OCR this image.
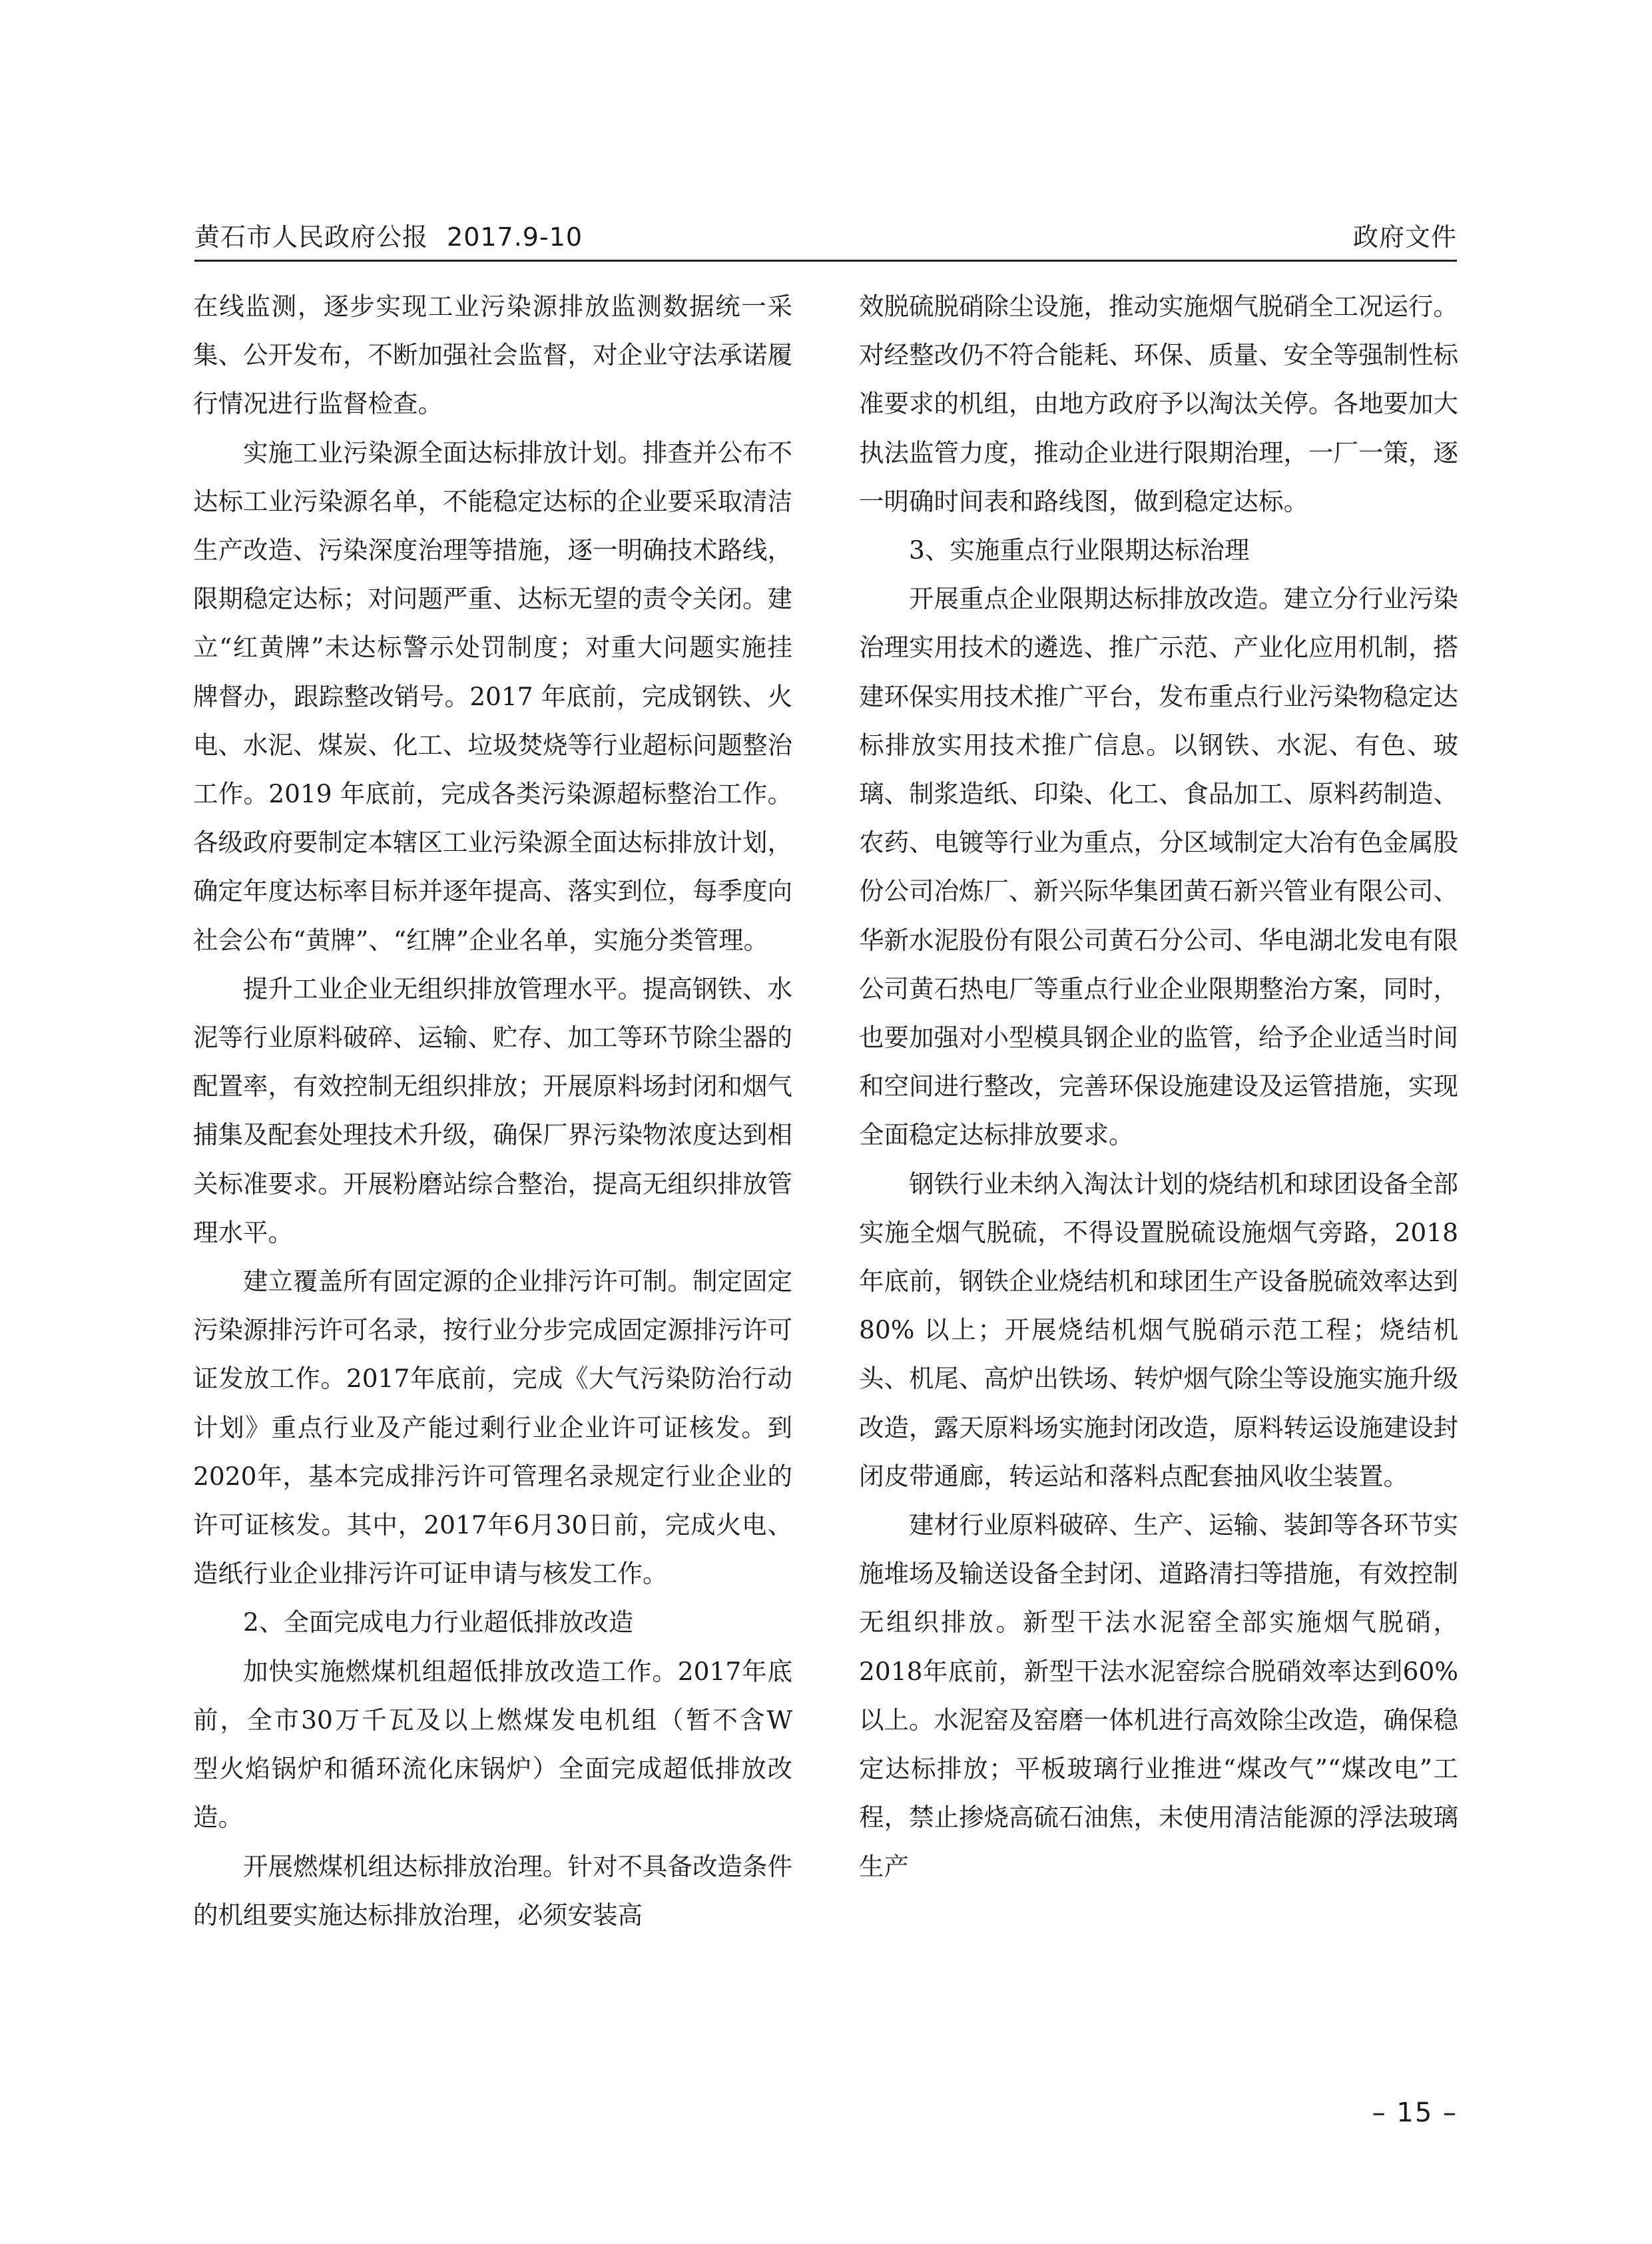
黄石市人民政府公报 2017.9-10	政府文件

在线监测，逐步实现工业污染源排放监测数据统一采集、公开发布，不断加强社会监督，对企业守法承诺履行情况进行监督检查。

实施工业污染源全面达标排放计划。排查并公布不达标工业污染源名单，不能稳定达标的企业要采取清洁生产改造、污染深度治理等措施，逐一明确技术路线，限期稳定达标；对问题严重、达标无望的责令关闭。建立“红黄牌”未达标警示处罚制度；对重大问题实施挂牌督办，跟踪整改销号。2017 年底前，完成钢铁、火电、水泥、煤炭、化工、垃圾焚烧等行业超标问题整治工作。2019 年底前，完成各类污染源超标整治工作。各级政府要制定本辖区工业污染源全面达标排放计划，确定年度达标率目标并逐年提高、落实到位，每季度向社会公布“黄牌”、“红牌”企业名单，实施分类管理。

提升工业企业无组织排放管理水平。提高钢铁、水泥等行业原料破碎、运输、贮存、加工等环节除尘器的配置率，有效控制无组织排放；开展原料场封闭和烟气捕集及配套处理技术升级，确保厂界污染物浓度达到相关标准要求。开展粉磨站综合整治，提高无组织排放管理水平。

建立覆盖所有固定源的企业排污许可制。制定固定污染源排污许可名录，按行业分步完成固定源排污许可证发放工作。2017年底前，完成《大气污染防治行动计划》重点行业及产能过剩行业企业许可证核发。到2020年，基本完成排污许可管理名录规定行业企业的许可证核发。其中，2017年6月30日前，完成火电、造纸行业企业排污许可证申请与核发工作。

2、全面完成电力行业超低排放改造

加快实施燃煤机组超低排放改造工作。2017年底前，全市30万千瓦及以上燃煤发电机组（暂不含W　型火焰锅炉和循环流化床锅炉）全面完成超低排放改造。

开展燃煤机组达标排放治理。针对不具备改造条件的机组要实施达标排放治理，必须安装高

效脱硫脱硝除尘设施，推动实施烟气脱硝全工况运行。对经整改仍不符合能耗、环保、质量、安全等强制性标准要求的机组，由地方政府予以淘汰关停。各地要加大执法监管力度，推动企业进行限期治理，一厂一策，逐一明确时间表和路线图，做到稳定达标。

3、实施重点行业限期达标治理

开展重点企业限期达标排放改造。建立分行业污染治理实用技术的遴选、推广示范、产业化应用机制，搭建环保实用技术推广平台，发布重点行业污染物稳定达标排放实用技术推广信息。以钢铁、水泥、有色、玻璃、制浆造纸、印染、化工、食品加工、原料药制造、农药、电镀等行业为重点，分区域制定大冶有色金属股份公司冶炼厂、新兴际华集团黄石新兴管业有限公司、华新水泥股份有限公司黄石分公司、华电湖北发电有限公司黄石热电厂等重点行业企业限期整治方案，同时，也要加强对小型模具钢企业的监管，给予企业适当时间和空间进行整改，完善环保设施建设及运管措施，实现全面稳定达标排放要求。

钢铁行业未纳入淘汰计划的烧结机和球团设备全部实施全烟气脱硫，不得设置脱硫设施烟气旁路，2018年底前，钢铁企业烧结机和球团生产设备脱硫效率达到80% 以上；开展烧结机烟气脱硝示范工程；烧结机头、机尾、高炉出铁场、转炉烟气除尘等设施实施升级改造，露天原料场实施封闭改造，原料转运设施建设封闭皮带通廊，转运站和落料点配套抽风收尘装置。

建材行业原料破碎、生产、运输、装卸等各环节实施堆场及输送设备全封闭、道路清扫等措施，有效控制无组织排放。新型干法水泥窑全部实施烟气脱硝，2018年底前，新型干法水泥窑综合脱硝效率达到60% 以上。水泥窑及窑磨一体机进行高效除尘改造，确保稳定达标排放；平板玻璃行业推进“煤改气”“煤改电”工程，禁止掺烧高硫石油焦，未使用清洁能源的浮法玻璃生产

– 15 –
